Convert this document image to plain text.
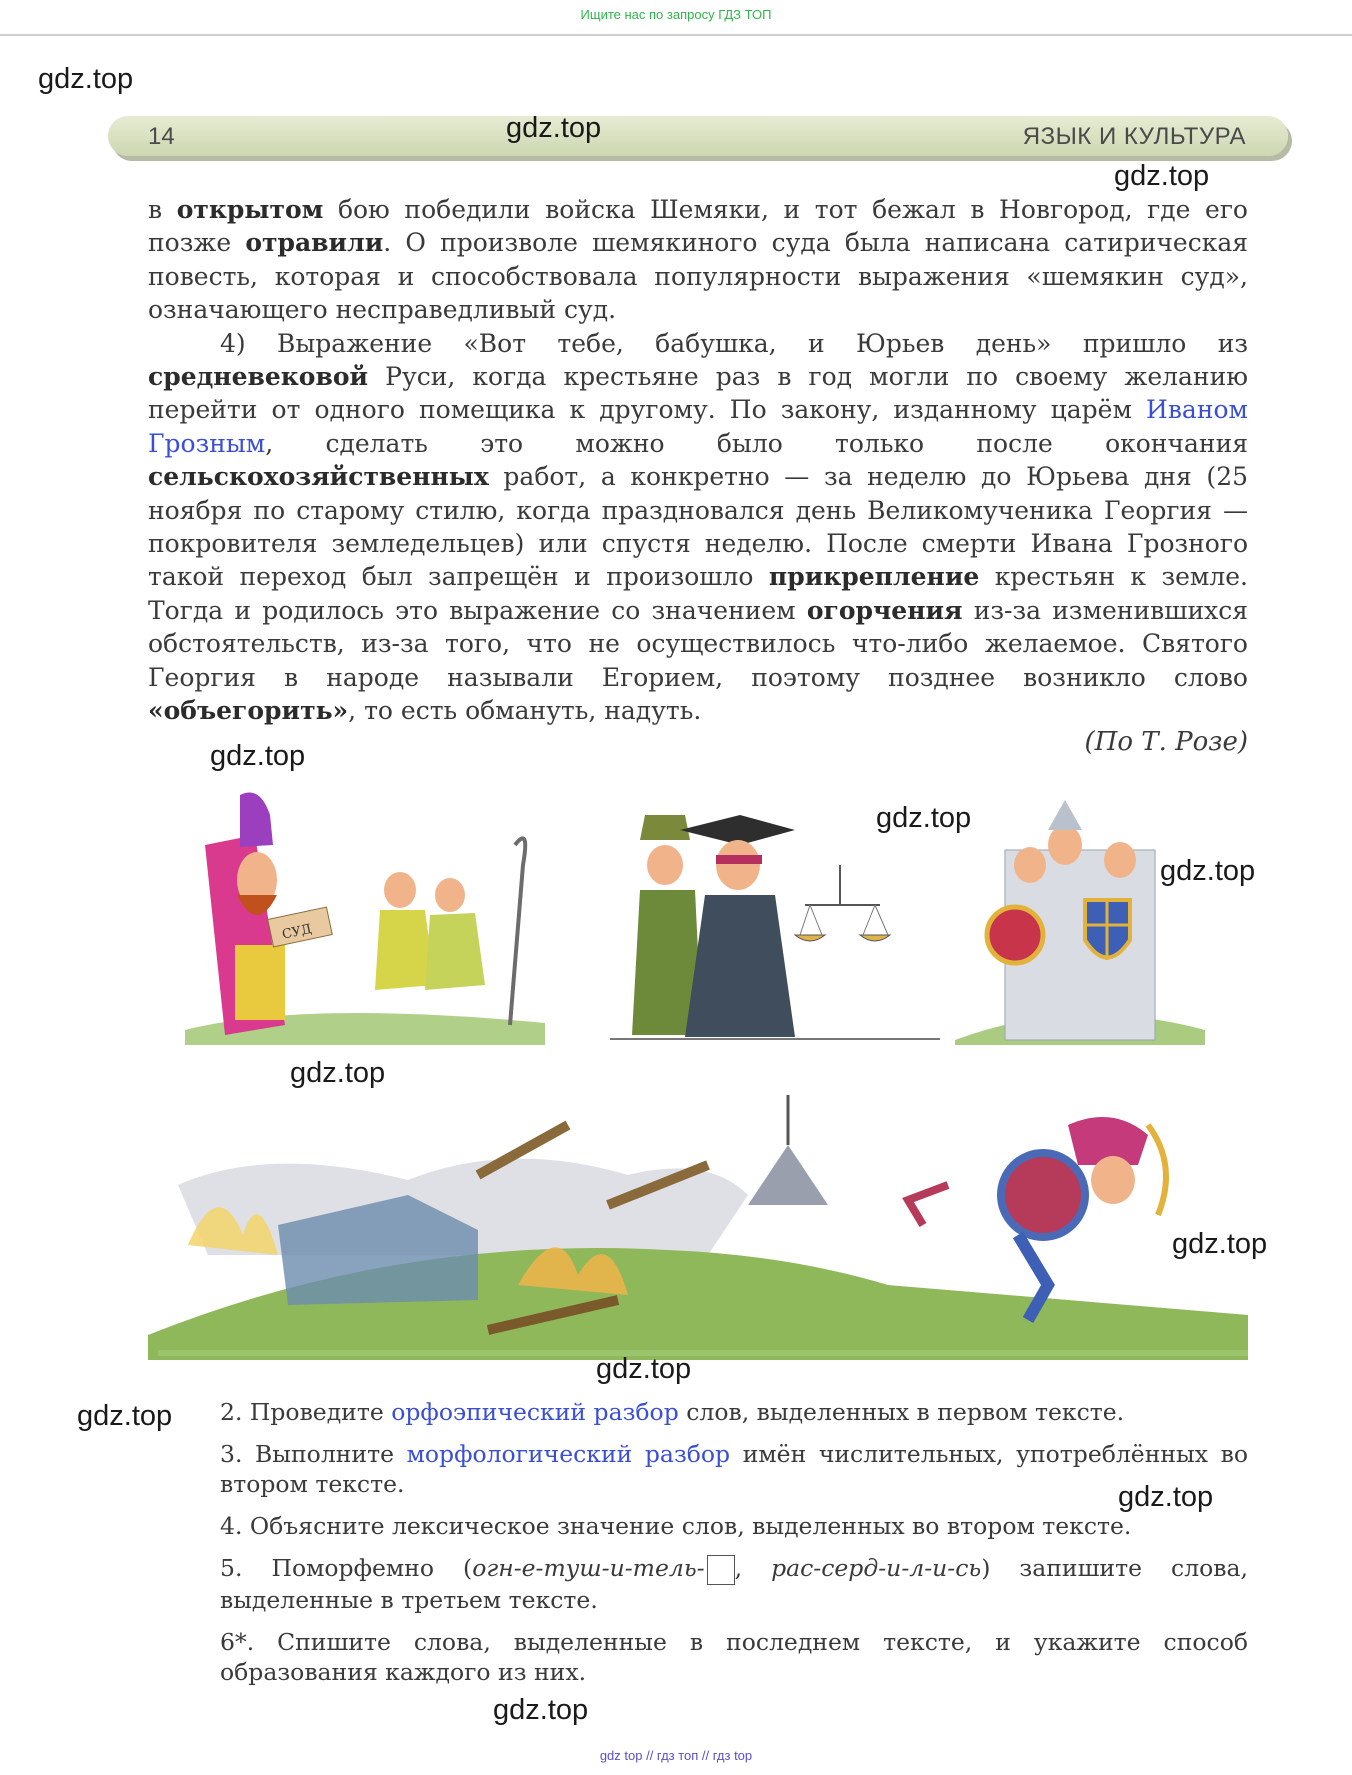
Ищите нас по запросу ГДЗ ТОП
gdz.top
14	ЯЗЫК И КУЛЬТУРА
gdz.top
gdz.top

в открытом бою победили войска Шемяки, и тот бежал в Новгород, где его позже отравили. О произволе шемякиного суда была написана сатирическая повесть, которая и способствовала популярности выражения «шемякин суд», означающего несправедливый суд.

4) Выражение «Вот тебе, бабушка, и Юрьев день» пришло из средневековой Руси, когда крестьяне раз в год могли по своему желанию перейти от одного помещика к другому. По закону, изданному царём Иваном Грозным, сделать это можно было только после окончания сельскохозяйственных работ, а конкретно — за неделю до Юрьева дня (25 ноября по старому стилю, когда праздновался день Великомученика Георгия — покровителя земледельцев) или спустя неделю. После смерти Ивана Грозного такой переход был запрещён и произошло прикрепление крестьян к земле. Тогда и родилось это выражение со значением огорчения из-за изменившихся обстоятельств, из-за того, что не осуществилось что-либо желаемое. Святого Георгия в народе называли Егорием, поэтому позднее возникло слово «объегорить», то есть обмануть, надуть.

(По Т. Розе)
gdz.top
СУД
gdz.top
gdz.top
gdz.top
gdz.top
gdz.top
gdz.top 2. Проведите орфоэпический разбор слов, выделенных в первом тексте.

3. Выполните морфологический разбор имён числительных, употреблённых во втором тексте.

4. Объясните лексическое значение слов, выделенных во втором тексте.

5. Поморфемно (огн-е-туш-и-тель- , рас-серд-и-л-и-сь) запишите слова, выделенные в третьем тексте.

6*. Спишите слова, выделенные в последнем тексте, и укажите способ образования каждого из них.

gdz.top
gdz.top
gdz top // гдз топ // гдз top
